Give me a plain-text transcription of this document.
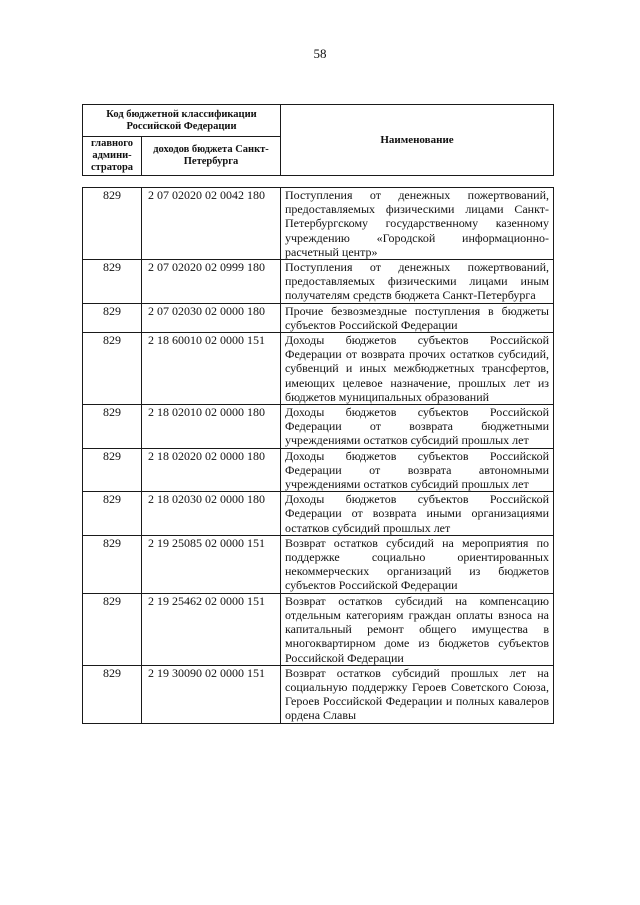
58
Код бюджетной классификации Российской Федерации		Наименование
главного админи-стратора	доходов бюджета Санкт-Петербурга	
829	2 07 02020 02 0042 180	Поступления от денежных пожертвований, предоставляемых физическими лицами Санкт-Петербургскому государственному казенному учреждению «Городской информационно-расчетный центр»
829	2 07 02020 02 0999 180	Поступления от денежных пожертвований, предоставляемых физическими лицами иным получателям средств бюджета Санкт-Петербурга
829	2 07 02030 02 0000 180	Прочие безвозмездные поступления в бюджеты субъектов Российской Федерации
829	2 18 60010 02 0000 151	Доходы бюджетов субъектов Российской Федерации от возврата прочих остатков субсидий, субвенций и иных межбюджетных трансфертов, имеющих целевое назначение, прошлых лет из бюджетов муниципальных образований
829	2 18 02010 02 0000 180	Доходы бюджетов субъектов Российской Федерации от возврата бюджетными учреждениями остатков субсидий прошлых лет
829	2 18 02020 02 0000 180	Доходы бюджетов субъектов Российской Федерации от возврата автономными учреждениями остатков субсидий прошлых лет
829	2 18 02030 02 0000 180	Доходы бюджетов субъектов Российской Федерации от возврата иными организациями остатков субсидий прошлых лет
829	2 19 25085 02 0000 151	Возврат остатков субсидий на мероприятия по поддержке социально ориентированных некоммерческих организаций из бюджетов субъектов Российской Федерации
829	2 19 25462 02 0000 151	Возврат остатков субсидий на компенсацию отдельным категориям граждан оплаты взноса на капитальный ремонт общего имущества в многоквартирном доме из бюджетов субъектов Российской Федерации
829	2 19 30090 02 0000 151	Возврат остатков субсидий прошлых лет на социальную поддержку Героев Советского Союза, Героев Российской Федерации и полных кавалеров ордена Славы
